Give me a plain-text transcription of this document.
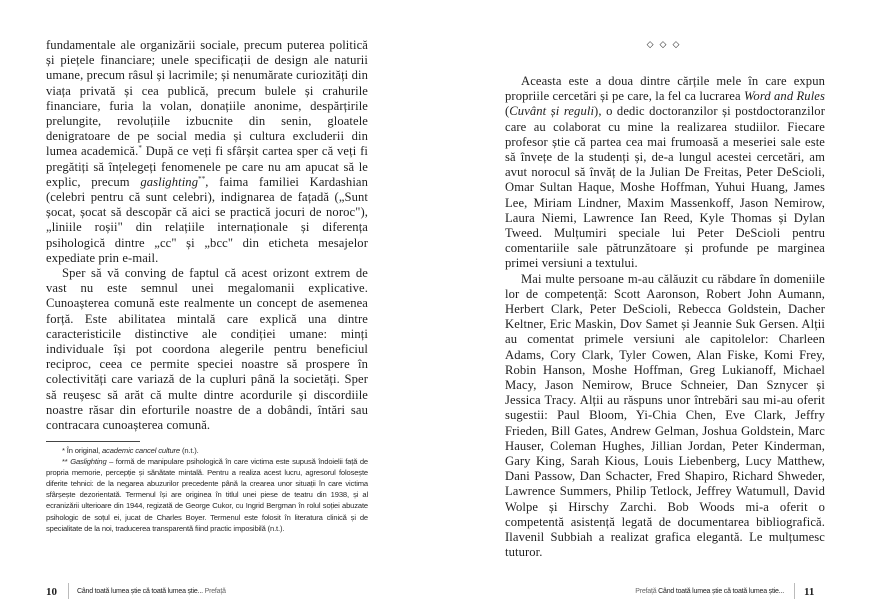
fundamentale ale organizării sociale, precum puterea politică și piețele financiare; unele specificații de design ale naturii umane, precum râsul și lacrimile; și nenumărate curiozități din viața privată și cea publică, precum bulele și crahurile financiare, furia la volan, donațiile anonime, despărțirile prelungite, revoluțiile izbucnite din senin, gloatele denigratoare de pe social media și cultura excluderii din lumea academică.* După ce veți fi sfârșit cartea sper că veți fi pregătiți să înțelegeți fenomenele pe care nu am apucat să le explic, precum gaslighting**, faima familiei Kardashian (celebri pentru că sunt celebri), indignarea de fațadă („Sunt șocat, șocat să descopăr că aici se practică jocuri de noroc"), „liniile roșii" din relațiile internaționale și diferența psihologică dintre „cc" și „bcc" din eticheta mesajelor expediate prin e-mail.

Sper să vă conving de faptul că acest orizont extrem de vast nu este semnul unei megalomanii explicative. Cunoașterea comună este realmente un concept de asemenea forță. Este abilitatea mintală care explică una dintre caracteristicile distinctive ale condiției umane: minți individuale își pot coordona alegerile pentru beneficiul reciproc, ceea ce permite speciei noastre să prospere în colectivități care variază de la cupluri până la societăți. Sper să reușesc să arăt că multe dintre acordurile și discordiile noastre răsar din eforturile noastre de a dobândi, întări sau contracara cunoașterea comună.

* În original, academic cancel culture (n.t.).

** Gaslighting – formă de manipulare psihologică în care victima este supusă îndoielii față de propria memorie, percepție și sănătate mintală. Pentru a realiza acest lucru, agresorul folosește diferite tehnici: de la negarea abuzurilor precedente până la crearea unor situații în care victima sfârșește dezorientată. Termenul își are originea în titlul unei piese de teatru din 1938, și al ecranizării ulterioare din 1944, regizată de George Cukor, cu Ingrid Bergman în rolul soției abuzate psihologic de soțul ei, jucat de Charles Boyer. Termenul este folosit în literatura clinică și de specialitate de la noi, traducerea transparentă fiind practic imposibilă (n.t.).

10	Când toată lumea știe că toată lumea știe... Prefață
◇◇◇

Aceasta este a doua dintre cărțile mele în care expun propriile cercetări și pe care, la fel ca lucrarea Word and Rules (Cuvânt și reguli), o dedic doctoranzilor și postdoctoranzilor care au colaborat cu mine la realizarea studiilor. Fiecare profesor știe că partea cea mai frumoasă a meseriei sale este să învețe de la studenți și, de-a lungul acestei cercetări, am avut norocul să învăț de la Julian De Freitas, Peter DeScioli, Omar Sultan Haque, Moshe Hoffman, Yuhui Huang, James Lee, Miriam Lindner, Maxim Massenkoff, Jason Nemirow, Laura Niemi, Lawrence Ian Reed, Kyle Thomas și Dylan Tweed. Mulțumiri speciale lui Peter DeScioli pentru comentariile sale pătrunzătoare și profunde pe marginea primei versiuni a textului.

Mai multe persoane m-au călăuzit cu răbdare în domeniile lor de competență: Scott Aaronson, Robert John Aumann, Herbert Clark, Peter DeScioli, Rebecca Goldstein, Dacher Keltner, Eric Maskin, Dov Samet și Jeannie Suk Gersen. Alții au comentat primele versiuni ale capitolelor: Charleen Adams, Cory Clark, Tyler Cowen, Alan Fiske, Komi Frey, Robin Hanson, Moshe Hoffman, Greg Lukianoff, Michael Macy, Jason Nemirow, Bruce Schneier, Dan Sznycer și Jessica Tracy. Alții au răspuns unor întrebări sau mi-au oferit sugestii: Paul Bloom, Yi-Chia Chen, Eve Clark, Jeffry Frieden, Bill Gates, Andrew Gelman, Joshua Goldstein, Marc Hauser, Coleman Hughes, Jillian Jordan, Peter Kinderman, Gary King, Sarah Kious, Louis Liebenberg, Lucy Matthew, Dani Passow, Dan Schacter, Fred Shapiro, Richard Shweder, Lawrence Summers, Philip Tetlock, Jeffrey Watumull, David Wolpe și Hirschy Zarchi. Bob Woods mi-a oferit o competentă asistență legată de documentarea bibliografică. Ilavenil Subbiah a realizat grafica elegantă. Le mulțumesc tuturor.

Prefață Când toată lumea știe că toată lumea știe... 11
